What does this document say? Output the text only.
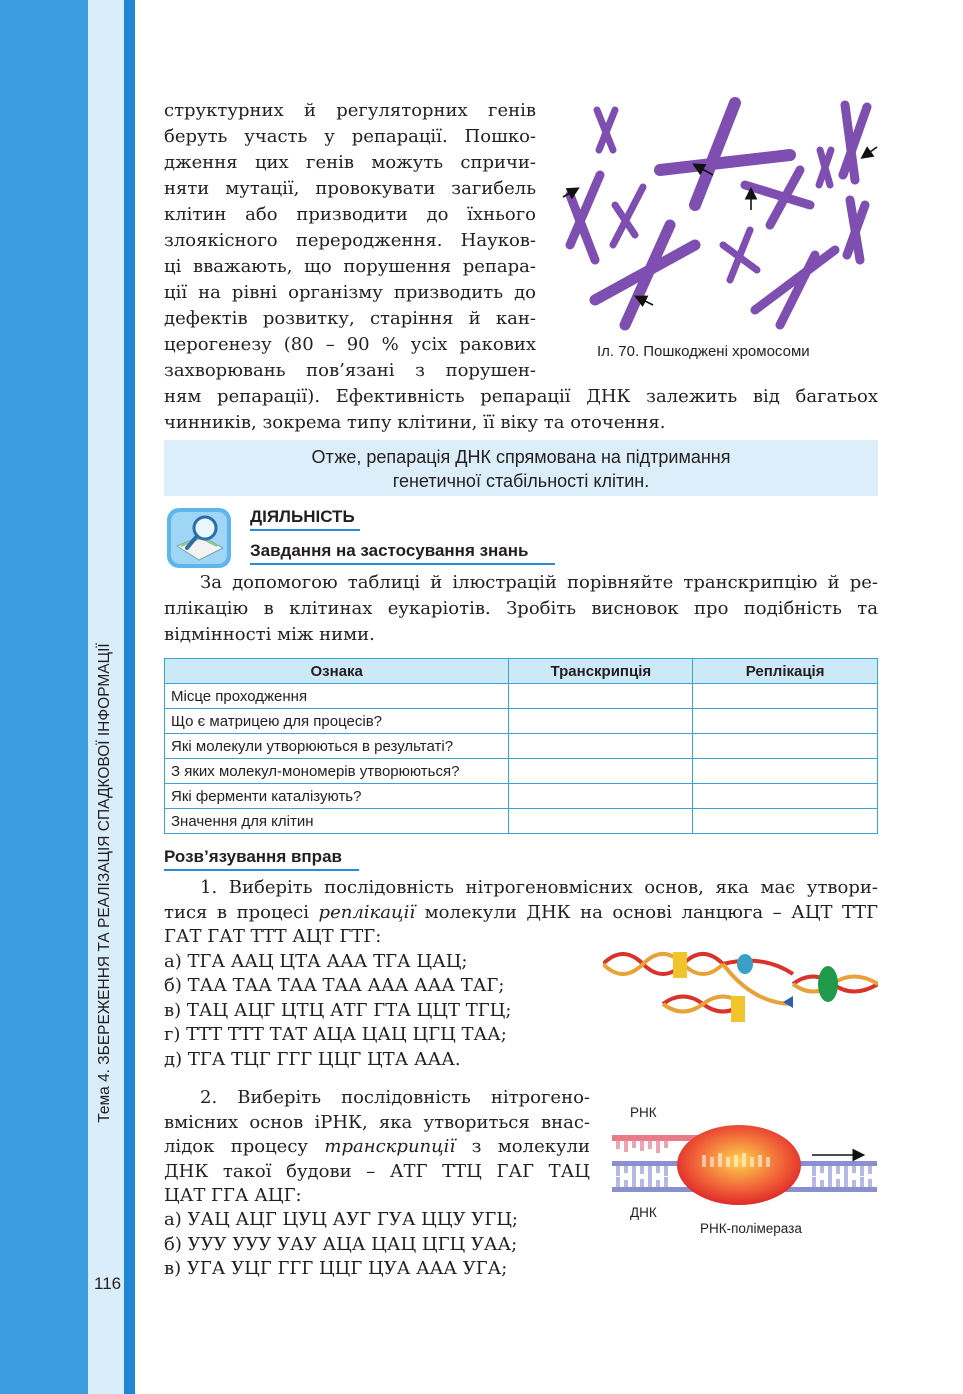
Тема 4. ЗБЕРЕЖЕННЯ ТА РЕАЛІЗАЦІЯ СПАДКОВОЇ ІНФОРМАЦІЇ
116

структурних й регуляторних генів

беруть участь у репарації. Пошко-

дження цих генів можуть спричи-

няти мутації, провокувати загибель

клітин або призводити до їхнього

злоякісного переродження. Науков-

ці вважають, що порушення репара-

ції на рівні організму призводить до

дефектів розвитку, старіння й кан-

церогенезу (80 – 90 % усіх ракових

захворювань пов’язані з порушен-

ням репарації). Ефективність репарації ДНК залежить від багатьох

чинників, зокрема типу клітини, її віку та оточення.

Іл. 70. Пошкоджені хромосоми
Отже, репарація ДНК спрямована на підтримання
генетичної стабільності клітин.
ДІЯЛЬНІСТЬ
Завдання на застосування знань

За допомогою таблиці й ілюстрацій порівняйте транскрипцію й ре-

плікацію в клітинах еукаріотів. Зробіть висновок про подібність та

відмінності між ними.

Ознака	Транскрипція	Реплікація
Місце проходження		
Що є матрицею для процесів?		
Які молекули утворюються в результаті?		
З яких молекул-мономерів утворюються?		
Які ферменти каталізують?		
Значення для клітин		
Розв’язування вправ

1. Виберіть послідовність нітрогеновмісних основ, яка має утвори-

тися в процесі реплікації молекули ДНК на основі ланцюга – АЦТ ТТГ

ГАТ ГАТ ТТТ АЦТ ГТГ:

а) ТГА ААЦ ЦТА ААА ТГА ЦАЦ;

б) ТАА ТАА ТАА ТАА ААА ААА ТАГ;

в) ТАЦ АЦГ ЦТЦ АТГ ГТА ЦЦТ ТГЦ;

г) ТТТ ТТТ ТАТ АЦА ЦАЦ ЦГЦ ТАА;

д) ТГА ТЦГ ГГГ ЦЦГ ЦТА ААА.

2. Виберіть послідовність нітрогено-

вмісних основ іРНК, яка утвориться внас-

лідок процесу транскрипції з молекули

ДНК такої будови – АТГ ТТЦ ГАГ ТАЦ

ЦАТ ГГА АЦГ:

а) УАЦ АЦГ ЦУЦ АУГ ГУА ЦЦУ УГЦ;

б) УУУ УУУ УАУ АЦА ЦАЦ ЦГЦ УАА;

в) УГА УЦГ ГГГ ЦЦГ ЦУА ААА УГА;

РНК
ДНК
РНК-полімераза
